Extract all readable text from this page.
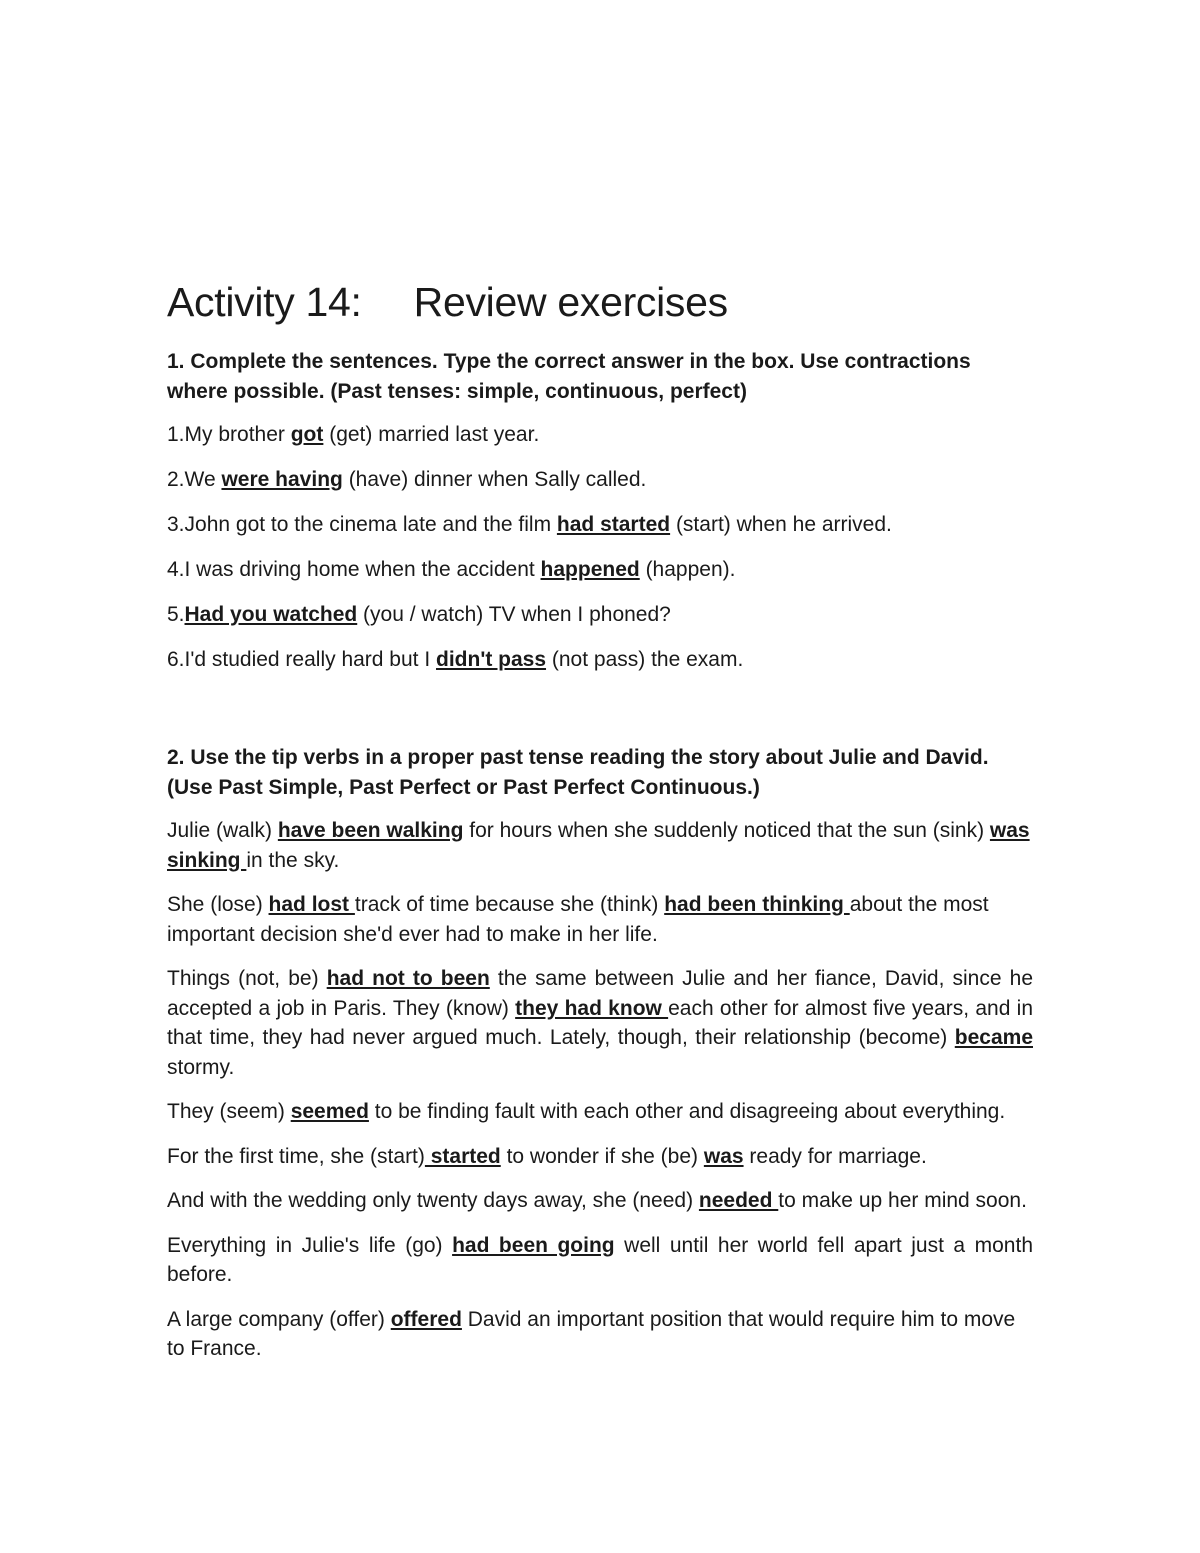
Activity 14: Review exercises

1. Complete the sentences. Type the correct answer in the box. Use contractions where possible. (Past tenses: simple, continuous, perfect)

1.My brother got (get) married last year.

2.We were having (have) dinner when Sally called.

3.John got to the cinema late and the film had started (start) when he arrived.

4.I was driving home when the accident happened (happen).

5.Had you watched (you / watch) TV when I phoned?

6.I'd studied really hard but I didn't pass (not pass) the exam.

2. Use the tip verbs in a proper past tense reading the story about Julie and David. (Use Past Simple, Past Perfect or Past Perfect Continuous.)

Julie (walk) have been walking for hours when she suddenly noticed that the sun (sink) was sinking in the sky.

She (lose) had lost track of time because she (think) had been thinking about the most important decision she'd ever had to make in her life.

Things (not, be) had not to been the same between Julie and her fiance, David, since he accepted a job in Paris. They (know) they had know each other for almost five years, and in that time, they had never argued much. Lately, though, their relationship (become) became stormy.

They (seem) seemed to be finding fault with each other and disagreeing about everything.

For the first time, she (start) started to wonder if she (be) was ready for marriage.

And with the wedding only twenty days away, she (need) needed to make up her mind soon.

Everything in Julie's life (go) had been going well until her world fell apart just a month before.

A large company (offer) offered David an important position that would require him to move to France.
